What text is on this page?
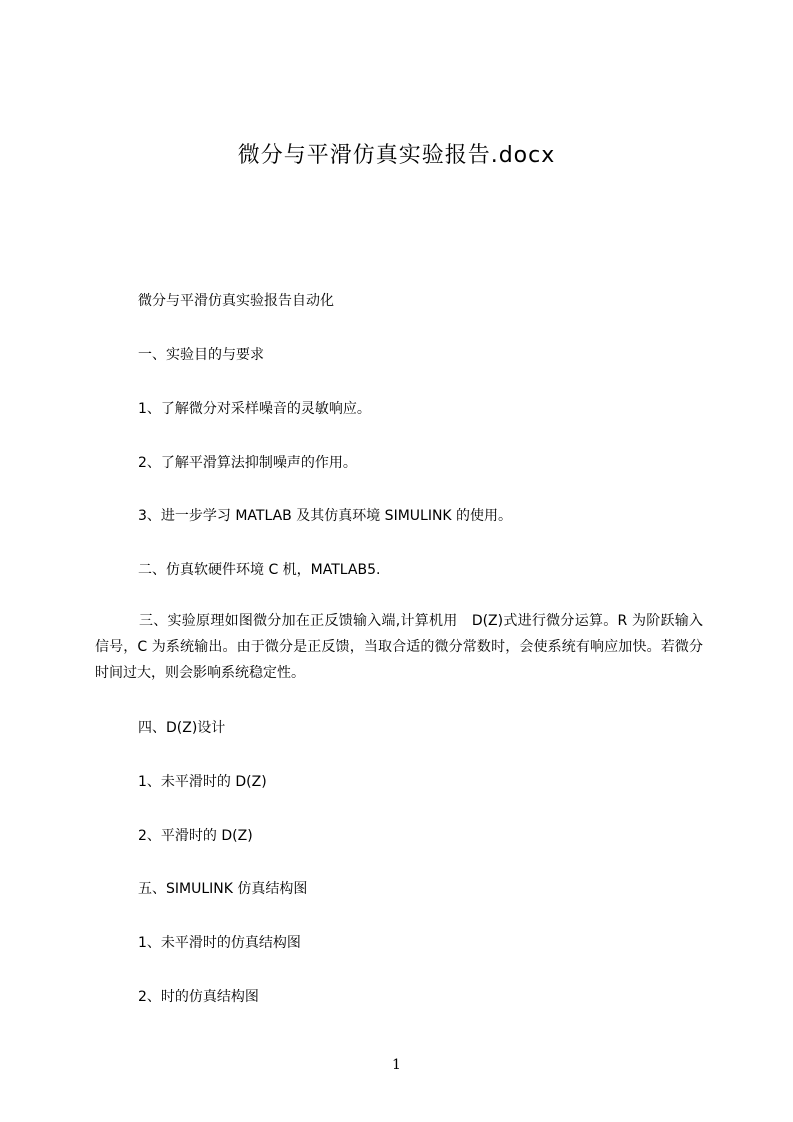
微分与平滑仿真实验报告.docx
微分与平滑仿真实验报告自动化
一、实验目的与要求
1、了解微分对采样噪音的灵敏响应。
2、了解平滑算法抑制噪声的作用。
3、进一步学习 MATLAB 及其仿真环境 SIMULINK 的使用。
二、仿真软硬件环境 C 机，MATLAB5.
三、实验原理如图微分加在正反馈输入端,计算机用　D(Z)式进行微分运算。R 为阶跃输入信号，C 为系统输出。由于微分是正反馈，当取合适的微分常数时，会使系统有响应加快。若微分时间过大，则会影响系统稳定性。
四、D(Z)设计
1、未平滑时的 D(Z)
2、平滑时的 D(Z)
五、SIMULINK 仿真结构图
1、未平滑时的仿真结构图
2、时的仿真结构图
1
